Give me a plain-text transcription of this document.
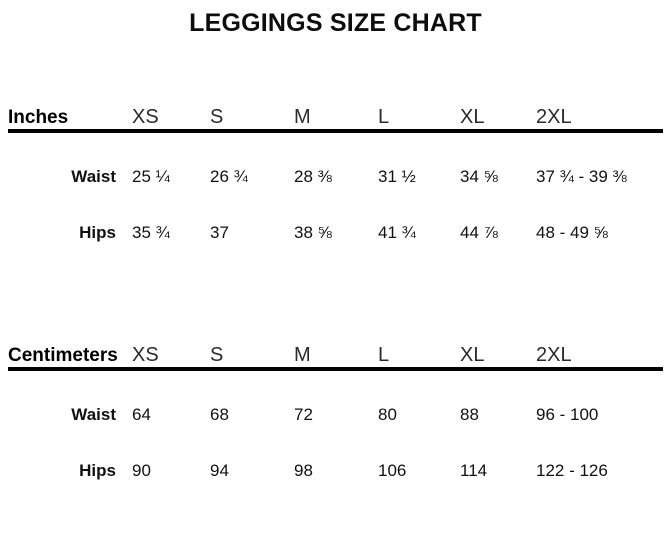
LEGGINGS SIZE CHART
Inches	XS	S	M	L	XL	2XL

Waist	25 ¼	26 ¾	28 ⅜	31 ½	34 ⅝	37 ¾ - 39 ⅜
Hips	35 ¾	37	38 ⅝	41 ¾	44 ⅞	48 - 49 ⅝
Centimeters	XS	S	M	L	XL	2XL

Waist	64	68	72	80	88	96 - 100
Hips	90	94	98	106	114	122 - 126
